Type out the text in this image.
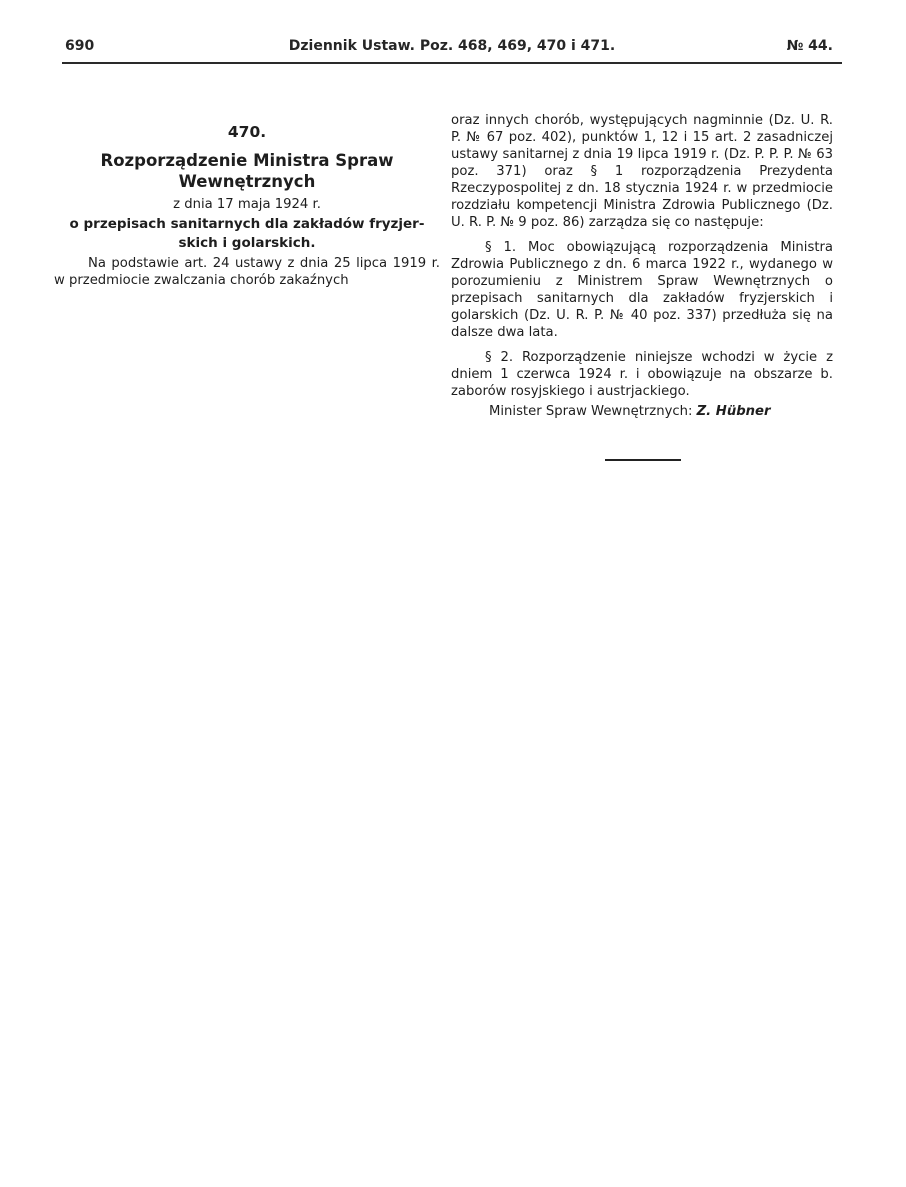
690	Dziennik Ustaw. Poz. 468, 469, 470 i 471.	№ 44.
470.
Rozporządzenie Ministra Spraw
Wewnętrznych
z dnia 17 maja 1924 r.
o przepisach sanitarnych dla zakładów fryzjer-
skich i golarskich.

Na podstawie art. 24 ustawy z dnia 25 lipca 1919 r. w przedmiocie zwalczania chorób zakaźnych

oraz innych chorób, występujących nagminnie (Dz. U. R. P. № 67 poz. 402), punktów 1, 12 i 15 art. 2 zasadniczej ustawy sanitarnej z dnia 19 lipca 1919 r. (Dz. P. P. P. № 63 poz. 371) oraz § 1 rozporządzenia Prezydenta Rzeczypospolitej z dn. 18 stycznia 1924 r. w przedmiocie rozdziału kompetencji Ministra Zdrowia Publicznego (Dz. U. R. P. № 9 poz. 86) zarządza się co następuje:

§ 1. Moc obowiązującą rozporządzenia Ministra Zdrowia Publicznego z dn. 6 marca 1922 r., wydanego w porozumieniu z Ministrem Spraw Wewnętrznych o przepisach sanitarnych dla zakładów fryzjerskich i golarskich (Dz. U. R. P. № 40 poz. 337) przedłuża się na dalsze dwa lata.

§ 2. Rozporządzenie niniejsze wchodzi w życie z dniem 1 czerwca 1924 r. i obowiązuje na obszarze b. zaborów rosyjskiego i austrjackiego.

Minister Spraw Wewnętrznych: Z. Hübner
